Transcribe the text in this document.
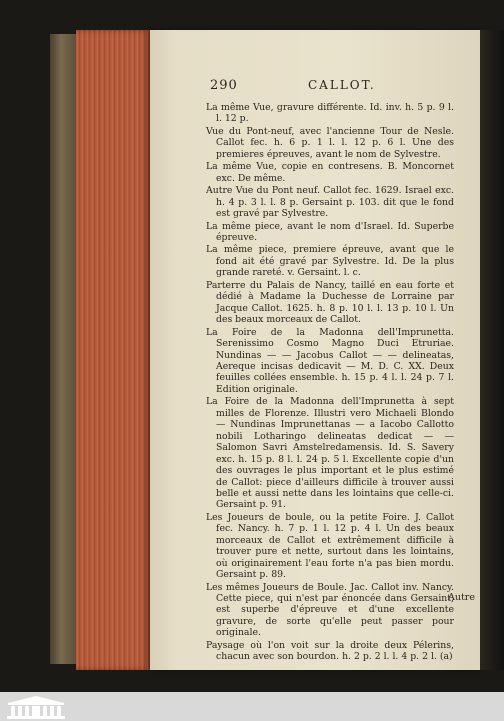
290	CALLOT.

La même Vue, gravure différente. Id. inv. h. 5 p. 9 l. l. 12 p.

Vue du Pont-neuf, avec l'ancienne Tour de Nesle. Callot fec. h. 6 p. 1 l. l. 12 p. 6 l. Une des premieres épreuves, avant le nom de Sylvestre.

La même Vue, copie en contresens. B. Moncornet exc. De même.

Autre Vue du Pont neuf. Callot fec. 1629. Israel exc. h. 4 p. 3 l. l. 8 p. Gersaint p. 103. dit que le fond est gravé par Sylvestre.

La même piece, avant le nom d'Israel. Id. Superbe épreuve.

La même piece, premiere épreuve, avant que le fond ait été gravé par Sylvestre. Id. De la plus grande rareté. v. Gersaint. l. c.

Parterre du Palais de Nancy, taillé en eau forte et dédié à Madame la Duchesse de Lorraine par Jacque Callot. 1625. h. 8 p. 10 l. l. 13 p. 10 l. Un des beaux morceaux de Callot.

La Foire de la Madonna dell'Imprunetta. Serenissimo Cosmo Magno Duci Etruriae. Nundinas — — Jacobus Callot — — delineatas, Aereque incisas dedicavit — M. D. C. XX. Deux feuilles collées ensemble. h. 15 p. 4 l. l. 24 p. 7 l. Edition originale.

La Foire de la Madonna dell'Imprunetta à sept milles de Florenze. Illustri vero Michaeli Blondo — Nundinas Imprunettanas — a Iacobo Callotto nobili Lotharingo delineatas dedicat — — Salomon Savri Amstelredamensis. Id. S. Savery exc. h. 15 p. 8 l. l. 24 p. 5 l. Excellente copie d'un des ouvrages le plus important et le plus estimé de Callot: piece d'ailleurs difficile à trouver aussi belle et aussi nette dans les lointains que celle-ci. Gersaint p. 91.

Les Joueurs de boule, ou la petite Foire. J. Callot fec. Nancy. h. 7 p. 1 l. 12 p. 4 l. Un des beaux morceaux de Callot et extrêmement difficile à trouver pure et nette, surtout dans les lointains, où originairement l'eau forte n'a pas bien mordu. Gersaint p. 89.

Les mêmes Joueurs de Boule. Jac. Callot inv. Nancy. Cette piece, qui n'est par énoncée dans Gersaint, est superbe d'épreuve et d'une excellente gravure, de sorte qu'elle peut passer pour originale.

Paysage où l'on voit sur la droite deux Pélerins, chacun avec son bourdon. h. 2 p. 2 l. l. 4 p. 2 l. (a)

Autre
